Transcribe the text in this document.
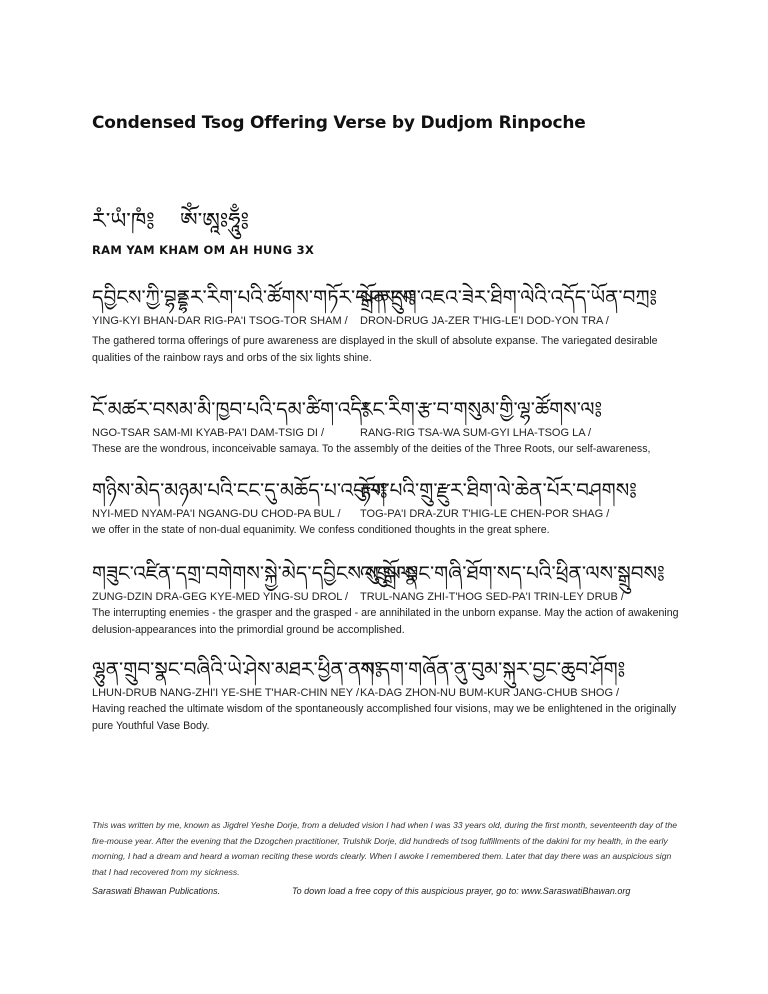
Condensed Tsog Offering Verse by Dudjom Rinpoche
རཾ་ཡཾ་ཁཾ༔ ཨོཾ་ཨཱཿཧཱུྃ༔
RAM YAM KHAM OM AH HUNG 3X
དབྱིངས་ཀྱི་བྷནྡྷར་རིག་པའི་ཚོགས་གཏོར་བཤམས༔
སྒྲོན་དྲུག་འཇའ་ཟེར་ཐིག་ལེའི་འདོད་ཡོན་བཀྲ༔
YING-KYI BHAN-DAR RIG-PA'I TSOG-TOR SHAM / DRON-DRUG JA-ZER T'HIG-LE'I DOD-YON TRA /
The gathered torma offerings of pure awareness are displayed in the skull of absolute expanse. The variegated desirable qualities of the rainbow rays and orbs of the six lights shine.
ངོ་མཚར་བསམ་མི་ཁྱབ་པའི་དམ་ཚིག་འདི༔
རང་རིག་རྩ་བ་གསུམ་གྱི་ལྷ་ཚོགས་ལ༔
NGO-TSAR SAM-MI KYAB-PA'I DAM-TSIG DI /	RANG-RIG TSA-WA SUM-GYI LHA-TSOG LA /
These are the wondrous, inconceivable samaya. To the assembly of the deities of the Three Roots, our self-awareness,
གཉིས་མེད་མཉམ་པའི་ངང་དུ་མཆོད་པ་འབུལ༔
རྟོག་པའི་གྲུ་རྫུར་ཐིག་ལེ་ཆེན་པོར་བཤགས༔
NYI-MED NYAM-PA'I NGANG-DU CHOD-PA BUL / TOG-PA'I DRA-ZUR T'HIG-LE CHEN-POR SHAG /
we offer in the state of non-dual equanimity. We confess conditioned thoughts in the great sphere.
གཟུང་འཛིན་དགྲ་བགེགས་སྐྱེ་མེད་དབྱིངས་སུ་སྒྲོལ༔
འཁྲུལ་སྣང་གཞི་ཐོག་སད་པའི་ཕྲིན་ལས་སྒྲུབས༔
ZUNG-DZIN DRA-GEG KYE-MED YING-SU DROL / TRUL-NANG ZHI-T'HOG SED-PA'I TRIN-LEY DRUB /
The interrupting enemies - the grasper and the grasped - are annihilated in the unborn expanse. May the action of awakening delusion-appearances into the primordial ground be accomplished.
ལྷུན་གྲུབ་སྣང་བཞིའི་ཡེ་ཤེས་མཐར་ཕྱིན་ནས༔
ཀ་དག་གཞོན་ནུ་བུམ་སྐུར་བྱང་ཆུབ་ཤོག༔
LHUN-DRUB NANG-ZHI'I YE-SHE T'HAR-CHIN NEY / KA-DAG ZHON-NU BUM-KUR JANG-CHUB SHOG /
Having reached the ultimate wisdom of the spontaneously accomplished four visions, may we be enlightened in the originally pure Youthful Vase Body.
This was written by me, known as Jigdrel Yeshe Dorje, from a deluded vision I had when I was 33 years old, during the first month, seventeenth day of the fire-mouse year. After the evening that the Dzogchen practitioner, Trulshik Dorje, did hundreds of tsog fulfillments of the dakini for my health, in the early morning, I had a dream and heard a woman reciting these words clearly. When I awoke I remembered them. Later that day there was an auspicious sign that I had recovered from my sickness.
Saraswati Bhawan Publications.	To down load a free copy of this auspicious prayer, go to: www.SaraswatiBhawan.org
